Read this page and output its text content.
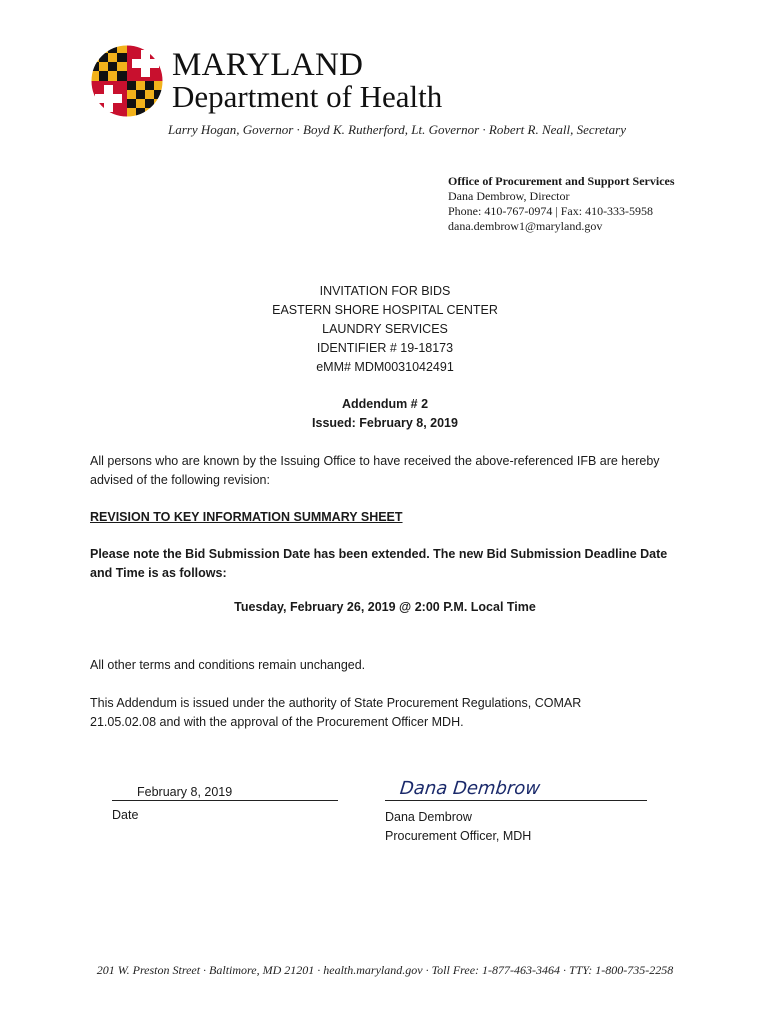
MARYLAND
Department of Health
Larry Hogan, Governor · Boyd K. Rutherford, Lt. Governor · Robert R. Neall, Secretary
Office of Procurement and Support Services
Dana Dembrow, Director
Phone: 410-767-0974 | Fax: 410-333-5958
dana.dembrow1@maryland.gov
INVITATION FOR BIDS
EASTERN SHORE HOSPITAL CENTER
LAUNDRY SERVICES
IDENTIFIER # 19-18173
eMM# MDM0031042491
Addendum # 2
Issued: February 8, 2019
All persons who are known by the Issuing Office to have received the above-referenced IFB are hereby advised of the following revision:
REVISION TO KEY INFORMATION SUMMARY SHEET
Please note the Bid Submission Date has been extended. The new Bid Submission Deadline Date and Time is as follows:
Tuesday, February 26, 2019 @ 2:00 P.M. Local Time
All other terms and conditions remain unchanged.
This Addendum is issued under the authority of State Procurement Regulations, COMAR 21.05.02.08 and with the approval of the Procurement Officer MDH.
February 8, 2019
Date
Dana Dembrow
Dana Dembrow
Procurement Officer, MDH
201 W. Preston Street · Baltimore, MD 21201 · health.maryland.gov · Toll Free: 1-877-463-3464 · TTY: 1-800-735-2258
